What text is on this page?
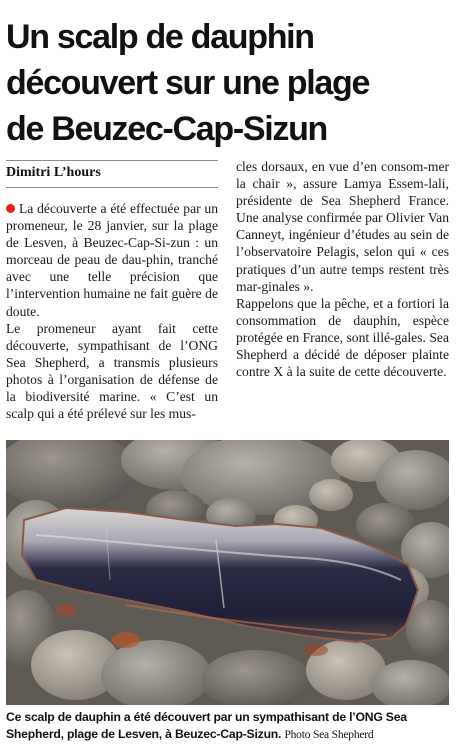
Un scalp de dauphin
découvert sur une plage
de Beuzec-Cap-Sizun
Dimitri L’hours

La découverte a été effectuée par un promeneur, le 28 janvier, sur la plage de Lesven, à Beuzec-Cap-Si-zun : un morceau de peau de dau-phin, tranché avec une telle précision que l’intervention humaine ne fait guère de doute.

Le promeneur ayant fait cette découverte, sympathisant de l’ONG Sea Shepherd, a transmis plusieurs photos à l’organisation de défense de la biodiversité marine. « C’est un scalp qui a été prélevé sur les mus-

cles dorsaux, en vue d’en consom-mer la chair », assure Lamya Essem-lali, présidente de Sea Shepherd France. Une analyse confirmée par Olivier Van Canneyt, ingénieur d’études au sein de l’observatoire Pelagis, selon qui « ces pratiques d’un autre temps restent très mar-ginales ».

Rappelons que la pêche, et a fortiori la consommation de dauphin, espèce protégée en France, sont illé-gales. Sea Shepherd a décidé de déposer plainte contre X à la suite de cette découverte.

Ce scalp de dauphin a été découvert par un sympathisant de l’ONG Sea Shepherd, plage de Lesven, à Beuzec-Cap-Sizun. Photo Sea Shepherd
